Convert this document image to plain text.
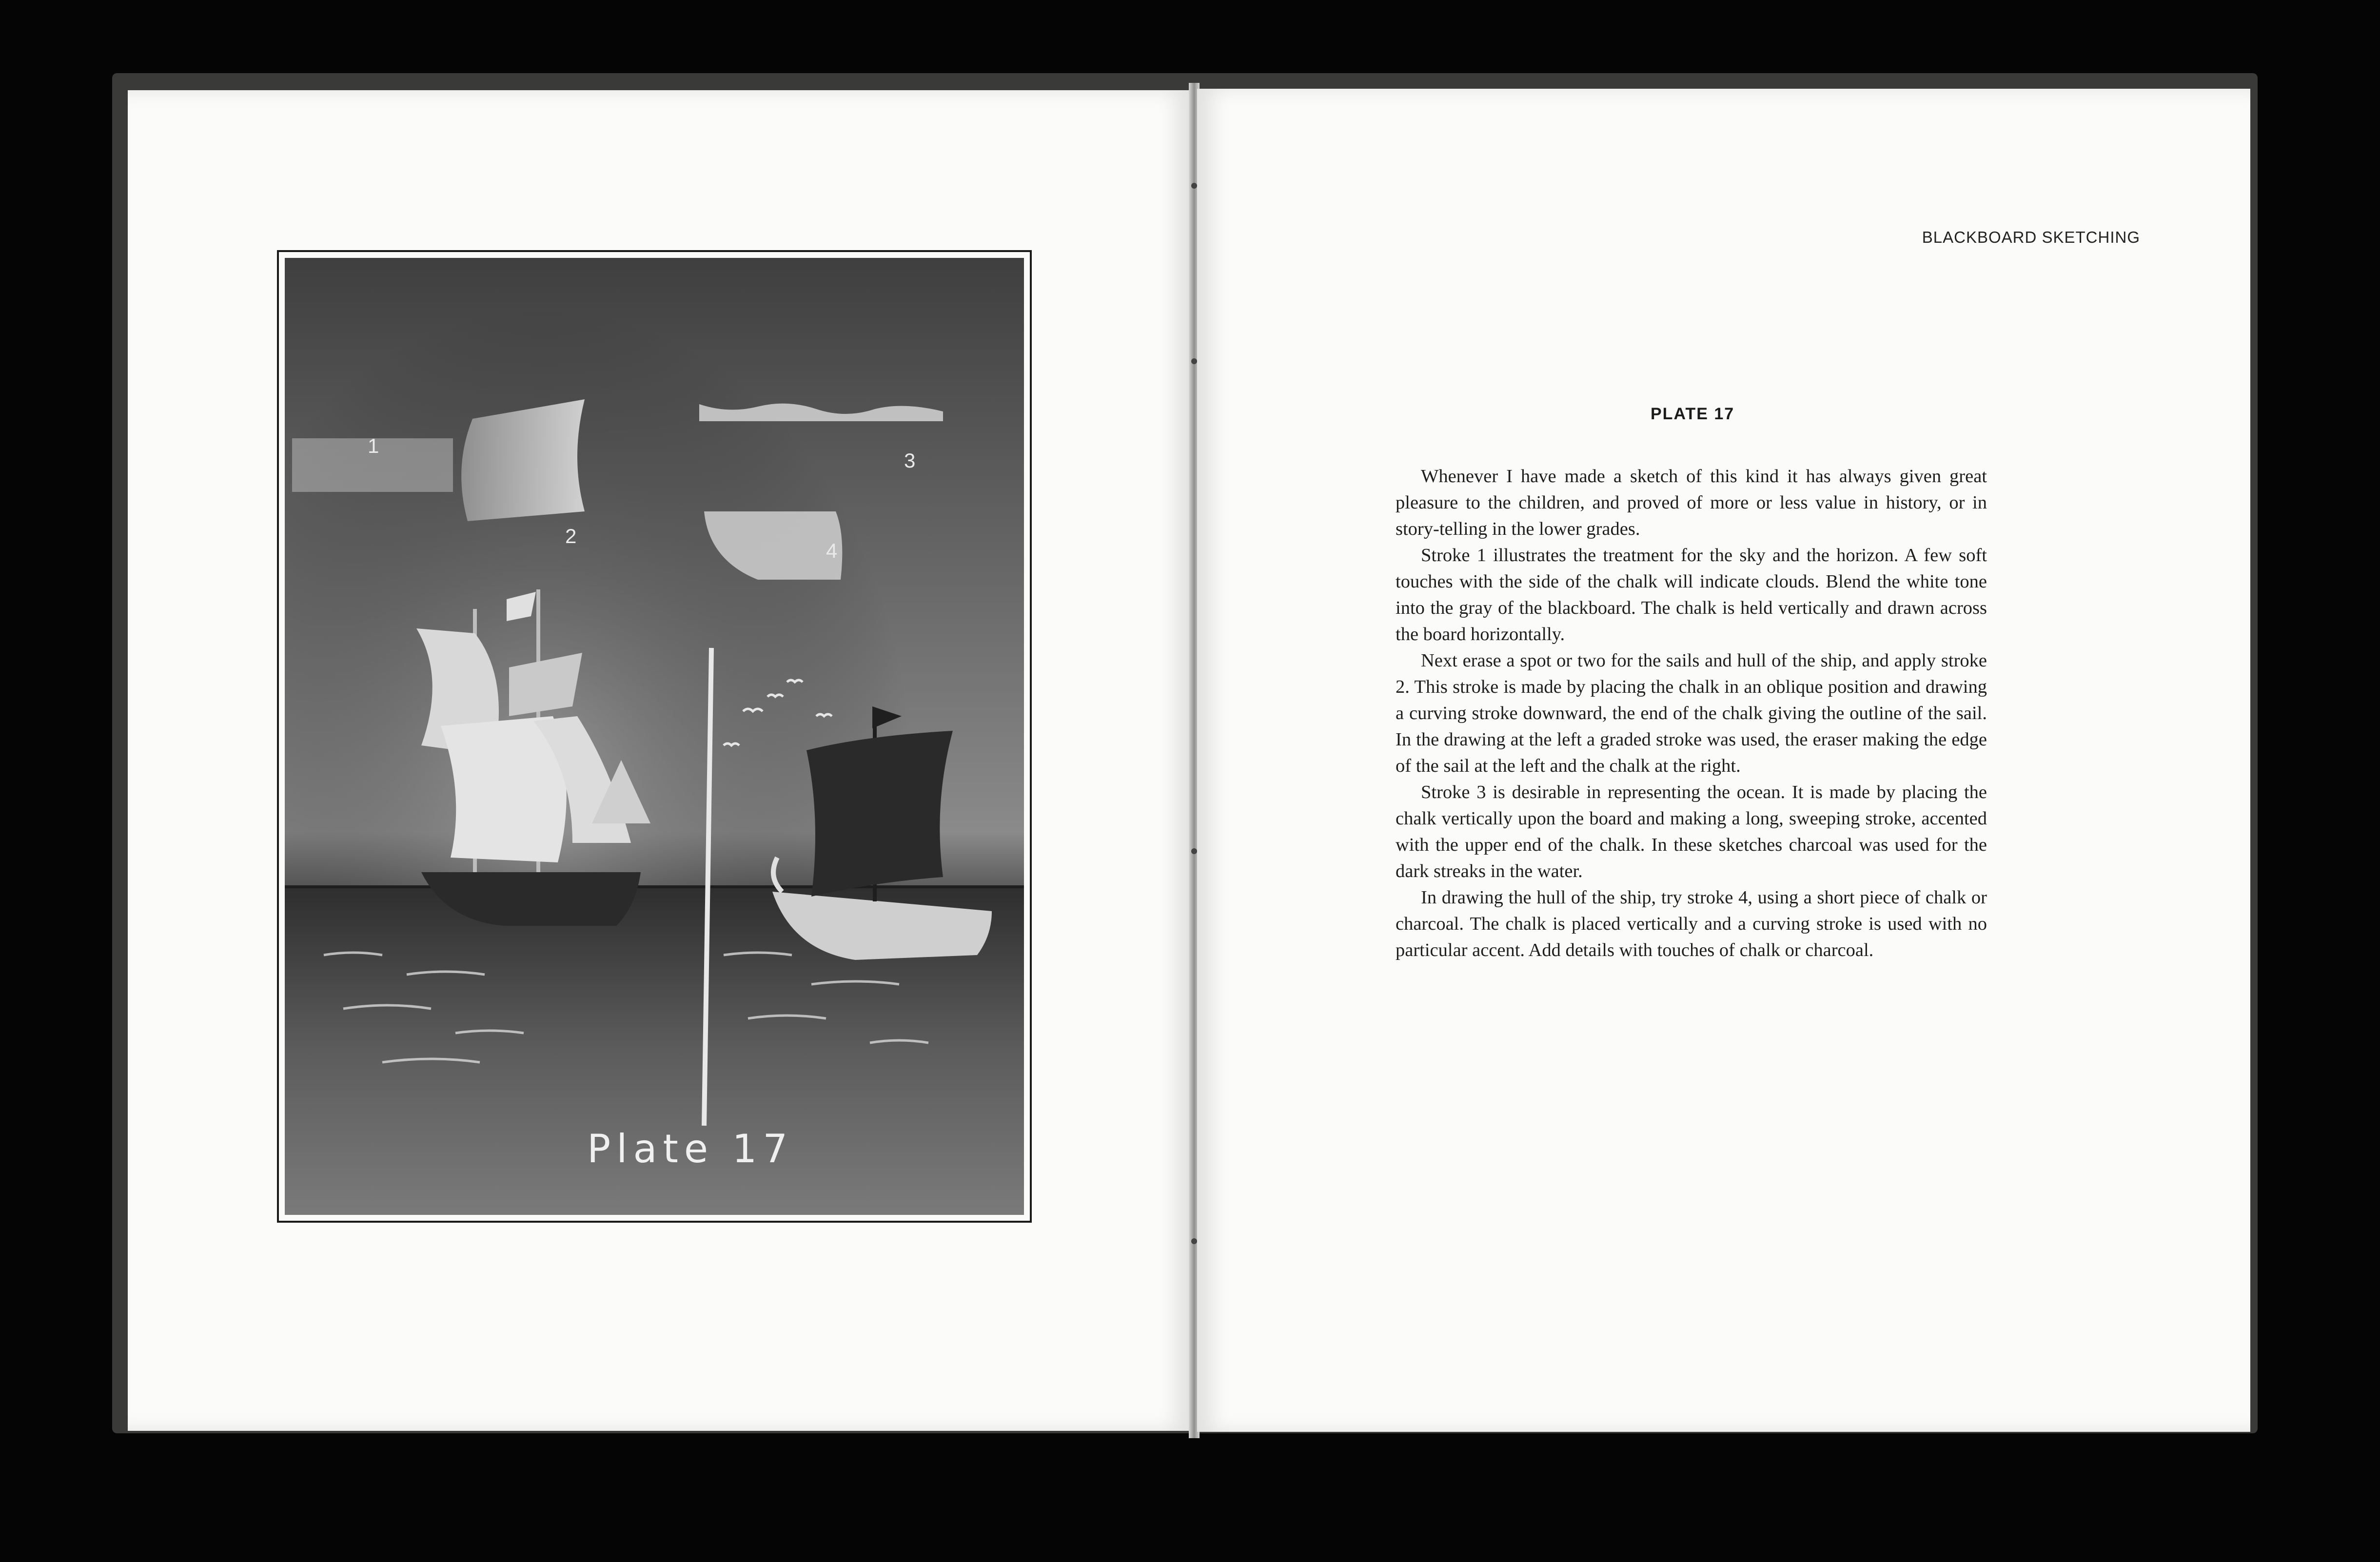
1
2
3
4
Plate 17
BLACKBOARD SKETCHING
PLATE 17

Whenever I have made a sketch of this kind it has always given great pleasure to the children, and proved of more or less value in history, or in story-telling in the lower grades.

Stroke 1 illustrates the treatment for the sky and the horizon. A few soft touches with the side of the chalk will indicate clouds. Blend the white tone into the gray of the blackboard. The chalk is held vertically and drawn across the board horizontally.

Next erase a spot or two for the sails and hull of the ship, and apply stroke 2. This stroke is made by placing the chalk in an oblique position and drawing a curving stroke downward, the end of the chalk giving the outline of the sail. In the drawing at the left a graded stroke was used, the eraser making the edge of the sail at the left and the chalk at the right.

Stroke 3 is desirable in representing the ocean. It is made by placing the chalk vertically upon the board and making a long, sweeping stroke, accented with the upper end of the chalk. In these sketches charcoal was used for the dark streaks in the water.

In drawing the hull of the ship, try stroke 4, using a short piece of chalk or charcoal. The chalk is placed vertically and a curving stroke is used with no particular accent. Add details with touches of chalk or charcoal.
